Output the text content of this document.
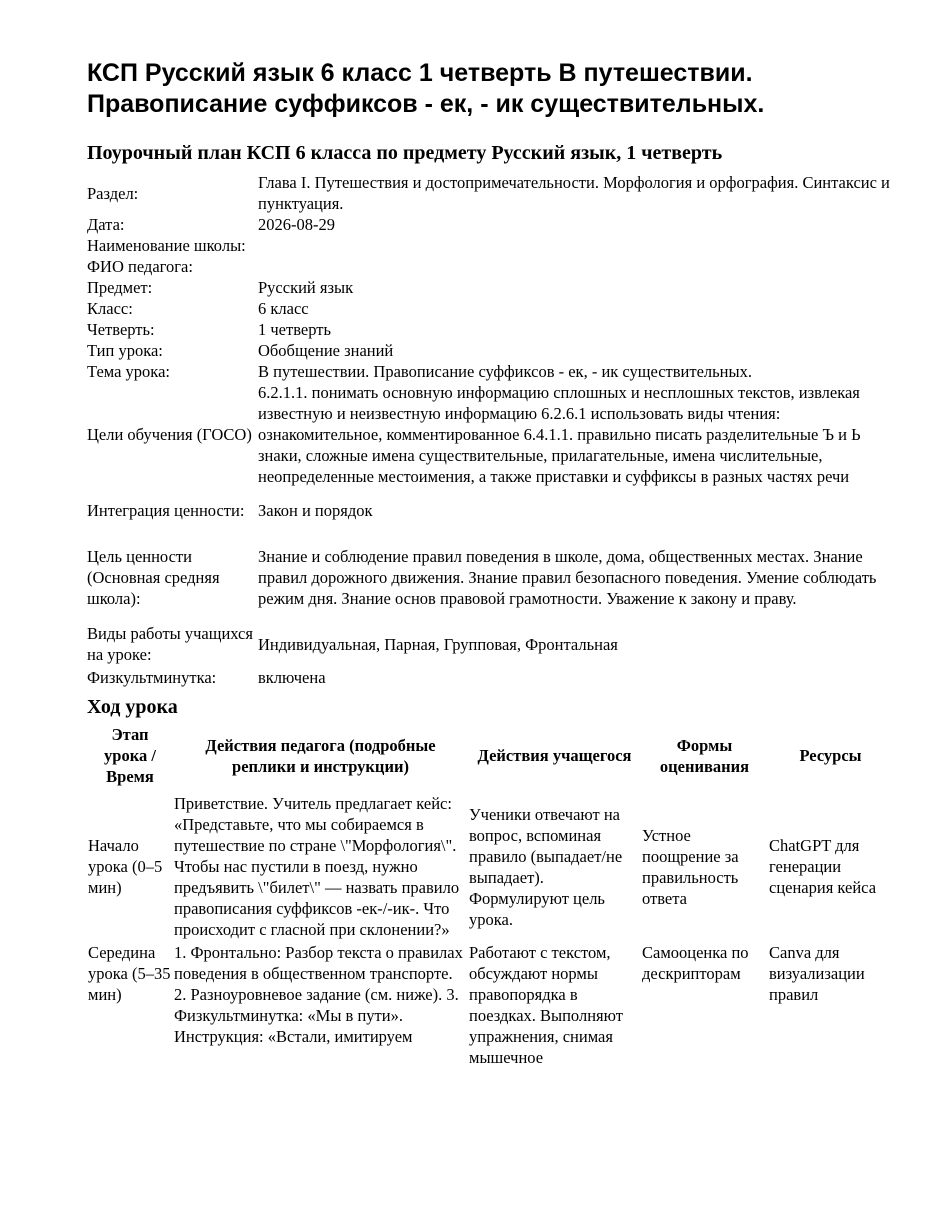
КСП Русский язык 6 класс 1 четверть В путешествии. Правописание суффиксов - ек, - ик существительных.
Поурочный план КСП 6 класса по предмету Русский язык, 1 четверть
Раздел:	Глава I. Путешествия и достопримечательности. Морфология и орфография. Синтаксис и пунктуация.
Дата:	2026-08-29
Наименование школы:	
ФИО педагога:	
Предмет:	Русский язык
Класс:	6 класс
Четверть:	1 четверть
Тип урока:	Обобщение знаний
Тема урока:	В путешествии. Правописание суффиксов - ек, - ик существительных.
Цели обучения (ГОСО)	6.2.1.1. понимать основную информацию сплошных и несплошных текстов, извлекая известную и неизвестную информацию 6.2.6.1 использовать виды чтения: ознакомительное, комментированное 6.4.1.1. правильно писать разделительные Ъ и Ь знаки, сложные имена существительные, прилагательные, имена числительные, неопределенные местоимения, а также приставки и суффиксы в разных частях речи
Интеграция ценности:	Закон и порядок
Цель ценности (Основная средняя школа):	Знание и соблюдение правил поведения в школе, дома, общественных местах. Знание правил дорожного движения. Знание правил безопасного поведения. Умение соблюдать режим дня. Знание основ правовой грамотности. Уважение к закону и праву.
Виды работы учащихся на уроке:	Индивидуальная, Парная, Групповая, Фронтальная
Физкультминутка:	включена
Ход урока
Этап урока / Время	Действия педагога (подробные реплики и инструкции)	Действия учащегося	Формы оценивания	Ресурсы
Начало урока (0–5 мин)	Приветствие. Учитель предлагает кейс: «Представьте, что мы собираемся в путешествие по стране \"Морфология\". Чтобы нас пустили в поезд, нужно предъявить \"билет\" — назвать правило правописания суффиксов -ек-/-ик-. Что происходит с гласной при склонении?»	Ученики отвечают на вопрос, вспоминая правило (выпадает/не выпадает). Формулируют цель урока.	Устное поощрение за правильность ответа	ChatGPT для генерации сценария кейса
Середина урока (5–35 мин)	1. Фронтально: Разбор текста о правилах поведения в общественном транспорте. 2. Разноуровневое задание (см. ниже). 3. Физкультминутка: «Мы в пути». Инструкция: «Встали, имитируем	Работают с текстом, обсуждают нормы правопорядка в поездках. Выполняют упражнения, снимая мышечное	Самооценка по дескрипторам	Canva для визуализации правил
